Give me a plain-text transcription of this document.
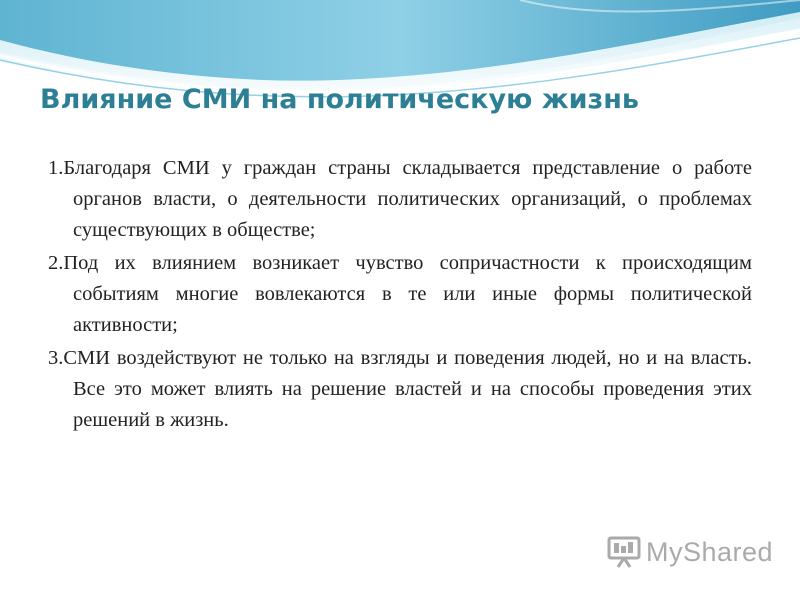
Влияние СМИ на политическую жизнь

1.Благодаря СМИ у граждан страны складывается представление о работе органов власти, о деятельности политических организаций, о проблемах существующих в обществе;

2.Под их влиянием возникает чувство сопричастности к происходящим событиям многие вовлекаются в те или иные формы политической активности;

3.СМИ воздействуют не только на взгляды и поведения людей, но и на власть. Все это может влиять на решение властей и на способы проведения этих решений в жизнь.

MyShared
